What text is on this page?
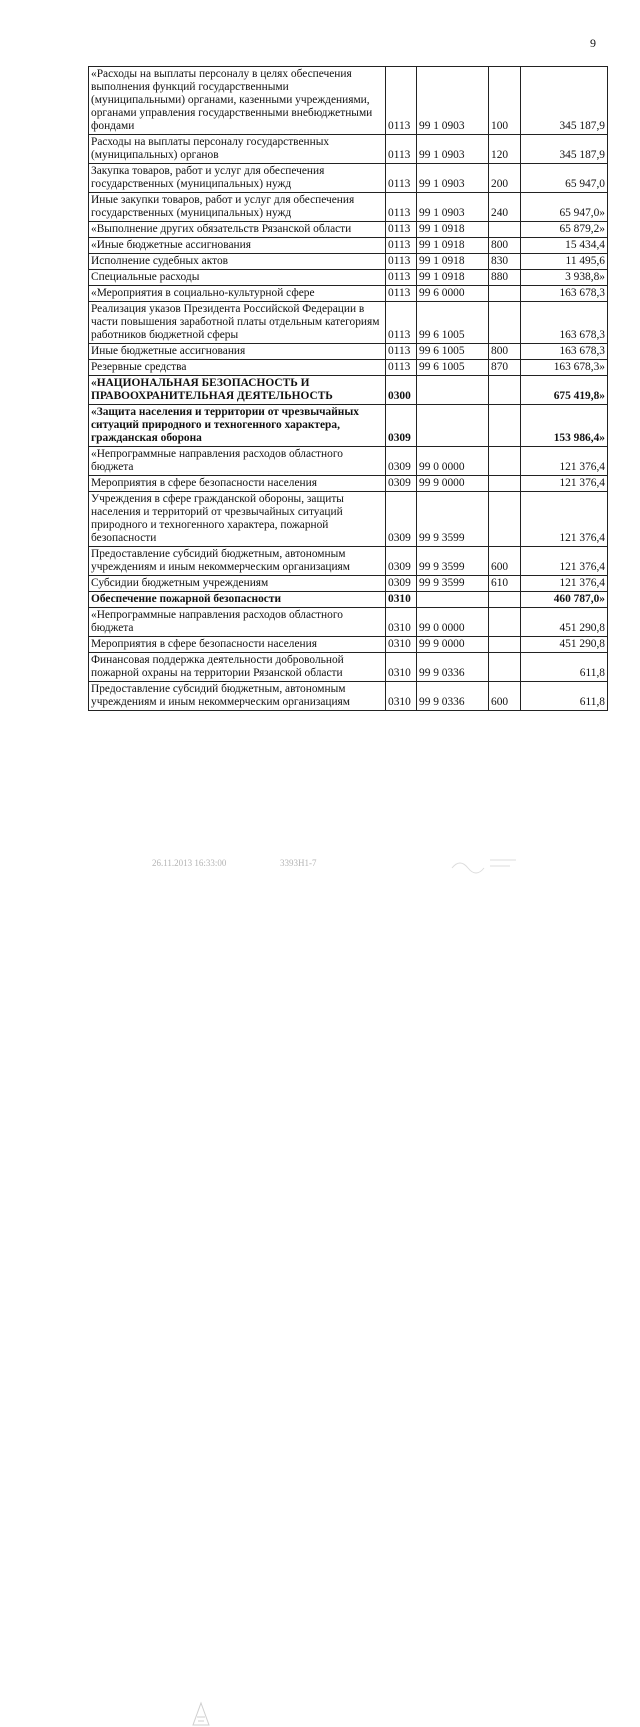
9
«Расходы на выплаты персоналу в целях обеспечения выполнения функций государственными (муниципальными) органами, казенными учреждениями, органами управления государственными внебюджетными фондами	0113	99 1 0903	100	345 187,9
Расходы на выплаты персоналу государственных (муниципальных) органов	0113	99 1 0903	120	345 187,9
Закупка товаров, работ и услуг для обеспечения государственных (муниципальных) нужд	0113	99 1 0903	200	65 947,0
Иные закупки товаров, работ и услуг для обеспечения государственных (муниципальных) нужд	0113	99 1 0903	240	65 947,0»
«Выполнение других обязательств Рязанской области	0113	99 1 0918		65 879,2»
«Иные бюджетные ассигнования	0113	99 1 0918	800	15 434,4
Исполнение судебных актов	0113	99 1 0918	830	11 495,6
Специальные расходы	0113	99 1 0918	880	3 938,8»
«Мероприятия в социально-культурной сфере	0113	99 6 0000		163 678,3
Реализация указов Президента Российской Федерации в части повышения заработной платы отдельным категориям работников бюджетной сферы	0113	99 6 1005		163 678,3
Иные бюджетные ассигнования	0113	99 6 1005	800	163 678,3
Резервные средства	0113	99 6 1005	870	163 678,3»
«НАЦИОНАЛЬНАЯ БЕЗОПАСНОСТЬ И ПРАВООХРАНИТЕЛЬНАЯ ДЕЯТЕЛЬНОСТЬ	0300			675 419,8»
«Защита населения и территории от чрезвычайных ситуаций природного и техногенного характера, гражданская оборона	0309			153 986,4»
«Непрограммные направления расходов областного бюджета	0309	99 0 0000		121 376,4
Мероприятия в сфере безопасности населения	0309	99 9 0000		121 376,4
Учреждения в сфере гражданской обороны, защиты населения и территорий от чрезвычайных ситуаций природного и техногенного характера, пожарной безопасности	0309	99 9 3599		121 376,4
Предоставление субсидий бюджетным, автономным учреждениям и иным некоммерческим организациям	0309	99 9 3599	600	121 376,4
Субсидии бюджетным учреждениям	0309	99 9 3599	610	121 376,4
Обеспечение пожарной безопасности	0310			460 787,0»
«Непрограммные направления расходов областного бюджета	0310	99 0 0000		451 290,8
Мероприятия в сфере безопасности населения	0310	99 9 0000		451 290,8
Финансовая поддержка деятельности добровольной пожарной охраны на территории Рязанской области	0310	99 9 0336		611,8
Предоставление субсидий бюджетным, автономным учреждениям и иным некоммерческим организациям	0310	99 9 0336	600	611,8
26.11.2013 16:33:00	3393Н1-7
